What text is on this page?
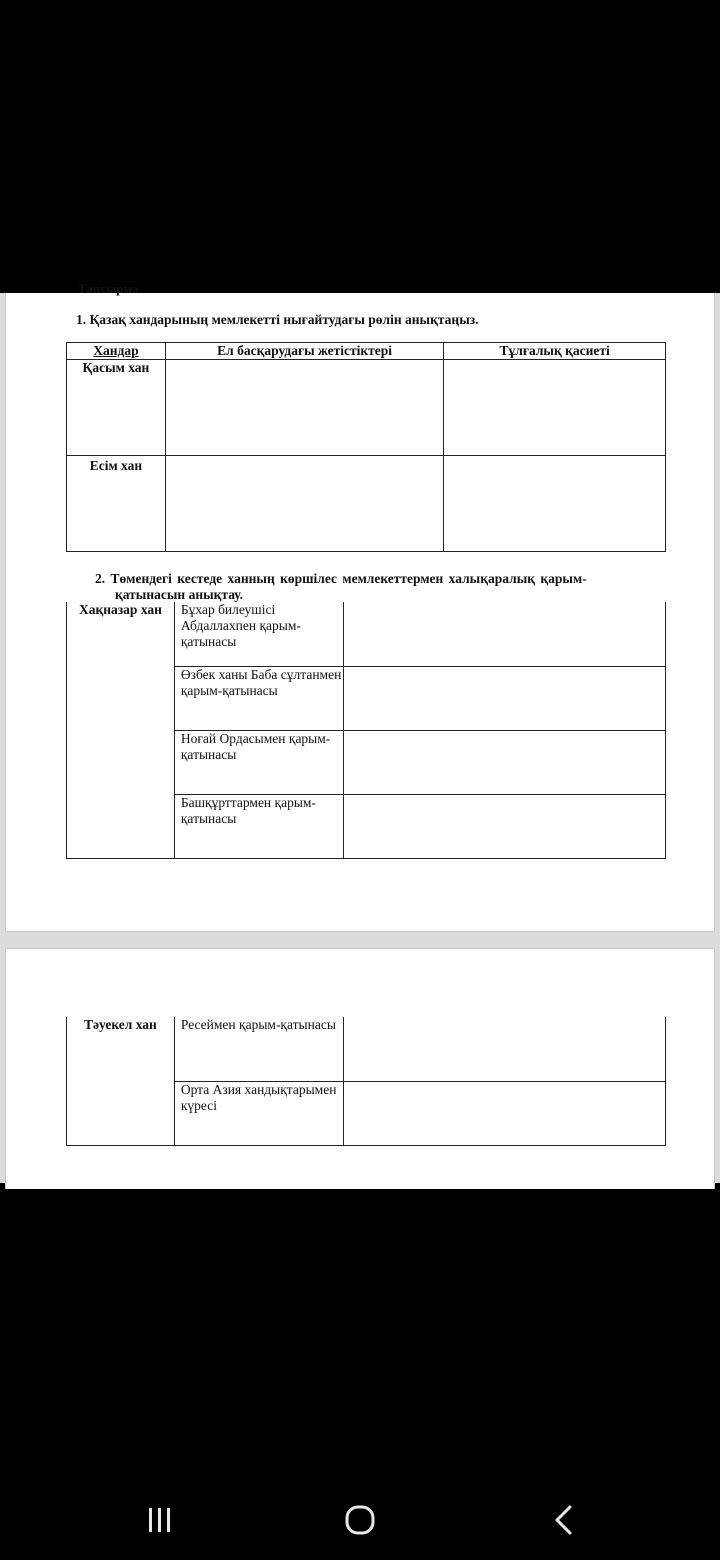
Тапсырма
1. Қазақ хандарының мемлекетті нығайтудағы рөлін анықтаңыз.
Хандар	Ел басқарудағы жетістіктері	Тұлғалық қасиеті
Қасым хан		
Есім хан		
2. Төмендегі кестеде ханның көршілес мемлекеттермен халықаралық қарым-
қатынасын анықтау.
Хақназар хан	Бұхар билеушісі Абдаллахпен қарым-қатынасы	
	Өзбек ханы Баба сұлтанмен қарым-қатынасы	
	Ноғай Ордасымен қарым-қатынасы	
	Башқұрттармен қарым-қатынасы	
Тәуекел хан	Ресеймен қарым-қатынасы	
	Орта Азия хандықтарымен күресі	
